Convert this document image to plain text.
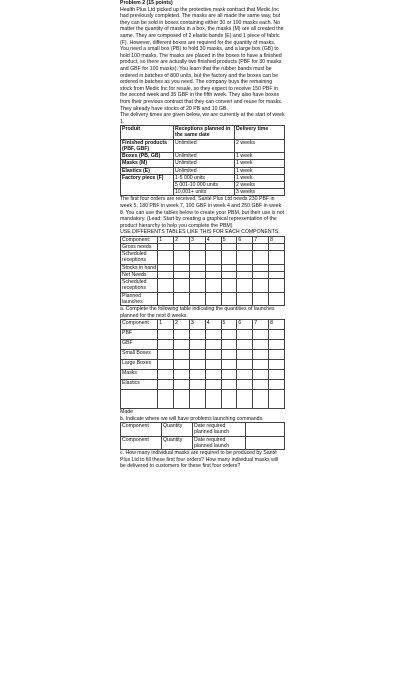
Problem 2 (15 points)

Health Plus Ltd picked up the protective mask contract that Medic Inc had previously completed. The masks are all made the same way, but they can be sold in boxes containing either 30 or 100 masks each. No matter the quantity of masks in a box, the masks (M) are all created the same. They are composed of 2 elastic bands (E) and 1 piece of fabric (F). However, different boxes are required for the quantity of masks. You need a small box (PB) to hold 30 masks, and a large box (GB) to hold 100 masks. The masks are placed in the boxes to have a finished product, so there are actually two finished products (PBF for 30 masks and GBF for 100 masks). You learn that the rubber bands must be ordered in batches of 800 units, but the factory and the boxes can be ordered in batches as you need. The company buys the remaining stock from Medic Inc for resale, so they expect to receive 150 PBF in the second week and 35 GBF in the fifth week. They also have boxes from their previous contract that they can convert and reuse for masks. They already have stocks of 20 PB and 10 GB.

The delivery times are given below, we are currently at the start of week 1.

Produit	Receptions planned in the same date	Delivery time
Finished products (PBF, GBF)	Unlimited	2 weeks
Boxes (PB, GB)	Unlimited	1 week
Masks (M)	Unlimited	1 week
Elastics (E)	Unlimited	1 week
Factory piece (F)	1-5 000 units	1 week
	5 001-10 000 units	2 weeks
	10,001+ units	3 weeks

The first four orders are received, Santé Plus Ltd needs 230 PBF in week 5, 180 PBF in week 7, 100 GBF in week 4 and 250 GBF in week 8. You can use the tables below to create your PBM, but their use is not mandatory. (Lead: Start by creating a graphical representation of the product hierarchy to help you complete the PBM)

USE DIFFERENTS TABLES LIKE THIS FOR EACH COMPONENTS.

Component:	1	2	3	4	5	6	7	8
Gross needs								
Scheduled receptions								
Stocks in hand								
Net Needs								
Scheduled receptions								
Planned launches								

a. Complete the following table indicating the quantities of launches planned for the next 8 weeks.

Component	1	2	3	4	5	6	7	8
PBF								
GBF								
Small Boxes								
Large Boxes								
Masks								
Elastics								

Made

b. Indicate where we will have problems launching commands.

Component	Quantity	Date required planned launch	
Component	Quantity	Date required planned launch	

c. How many individual masks are required to be produced by Santé Plus Ltd to fill these first four orders? How many individual masks will be delivered to customers for these first four orders?
